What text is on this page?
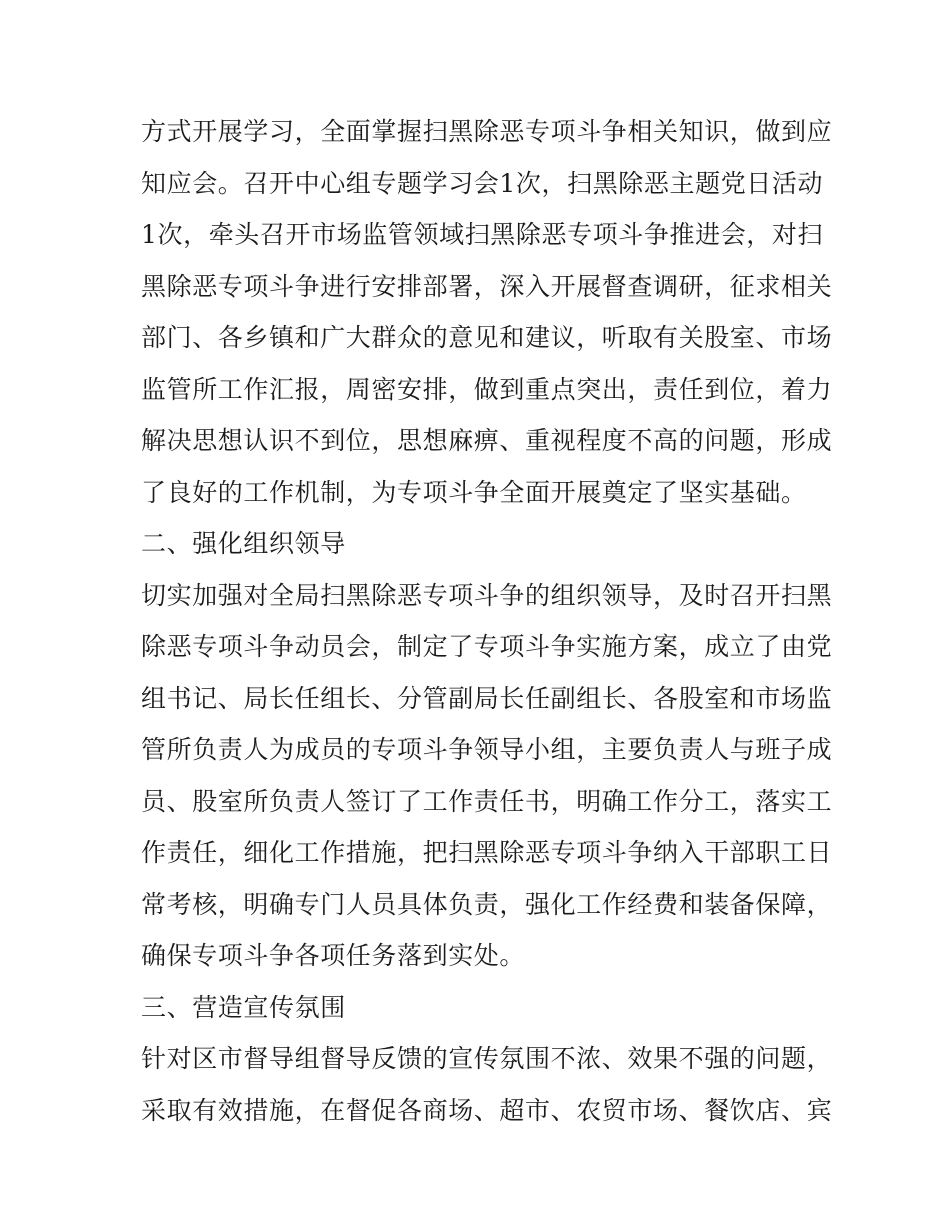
方式开展学习，全面掌握扫黑除恶专项斗争相关知识，做到应
知应会。召开中心组专题学习会1次，扫黑除恶主题党日活动
1次，牵头召开市场监管领域扫黑除恶专项斗争推进会，对扫
黑除恶专项斗争进行安排部署，深入开展督查调研，征求相关
部门、各乡镇和广大群众的意见和建议，听取有关股室、市场
监管所工作汇报，周密安排，做到重点突出，责任到位，着力
解决思想认识不到位，思想麻痹、重视程度不高的问题，形成
了良好的工作机制，为专项斗争全面开展奠定了坚实基础。
二、强化组织领导
切实加强对全局扫黑除恶专项斗争的组织领导，及时召开扫黑
除恶专项斗争动员会，制定了专项斗争实施方案，成立了由党
组书记、局长任组长、分管副局长任副组长、各股室和市场监
管所负责人为成员的专项斗争领导小组，主要负责人与班子成
员、股室所负责人签订了工作责任书，明确工作分工，落实工
作责任，细化工作措施，把扫黑除恶专项斗争纳入干部职工日
常考核，明确专门人员具体负责，强化工作经费和装备保障，
确保专项斗争各项任务落到实处。
三、营造宣传氛围
针对区市督导组督导反馈的宣传氛围不浓、效果不强的问题，
采取有效措施，在督促各商场、超市、农贸市场、餐饮店、宾
